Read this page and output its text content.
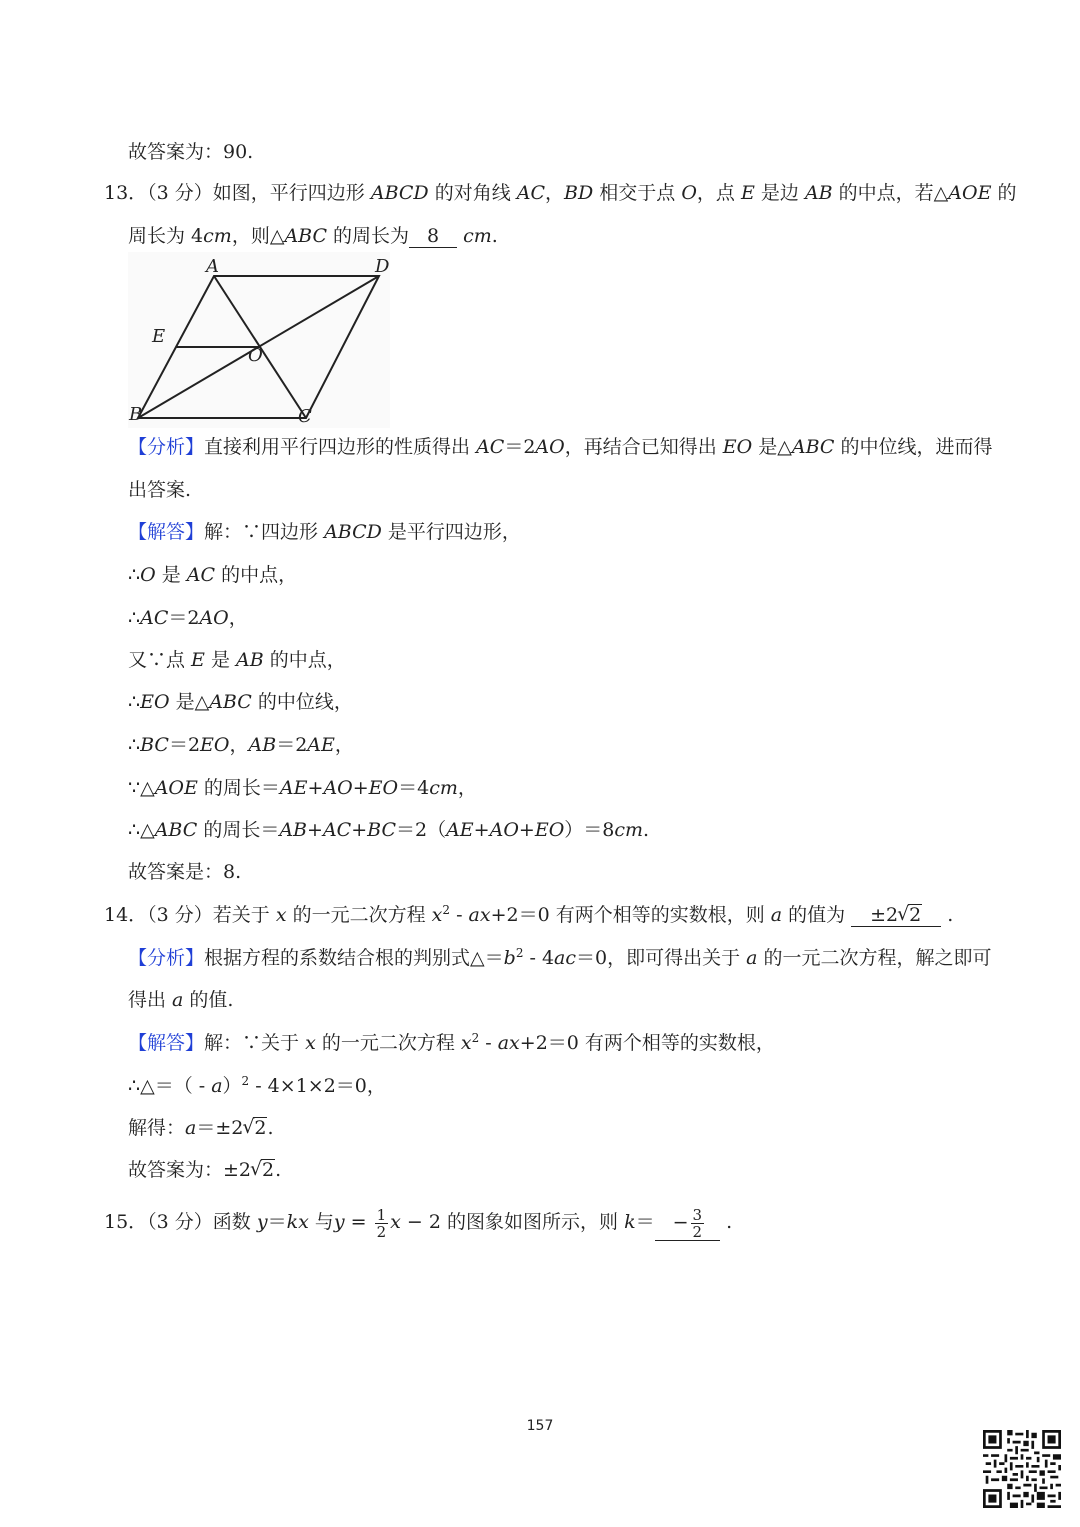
故答案为：90.
13．（3 分）如图，平行四边形 ABCD 的对角线 AC，BD 相交于点 O，点 E 是边 AB 的中点，若△AOE 的
周长为 4cm，则△ABC 的周长为 8 cm.
A	D
E
O
B	C
【分析】直接利用平行四边形的性质得出 AC＝2AO，再结合已知得出 EO 是△ABC 的中位线，进而得
出答案.
【解答】解：∵四边形 ABCD 是平行四边形，
∴O 是 AC 的中点，
∴AC＝2AO，
又∵点 E 是 AB 的中点，
∴EO 是△ABC 的中位线，
∴BC＝2EO，AB＝2AE，
∵△AOE 的周长＝AE+AO+EO＝4cm，
∴△ABC 的周长＝AB+AC+BC＝2（AE+AO+EO）＝8cm.
故答案是：8.
14．（3 分）若关于 x 的一元二次方程 $x^2 - ax+2=0$ 有两个相等的实数根，则 a 的值为 ±2 √ 2 .
【分析】根据方程的系数结合根的判别式$\triangle=b^2 - 4ac=0$，即可得出关于 a 的一元二次方程，解之即可
得出 a 的值.
【解答】解：∵关于 x 的一元二次方程 $x^2 - ax+2=0$ 有两个相等的实数根，
∴△＝（ - a）$^2$ - 4×1×2＝0，
解得：a＝±2 √ 2.
故答案为：±2 √ 2.
15．（3 分）函数 y＝kx 与$y = \frac{1}{2}$ x − 2 的图象如图所示，则 $k= - \frac{3}{2}$ .
157
